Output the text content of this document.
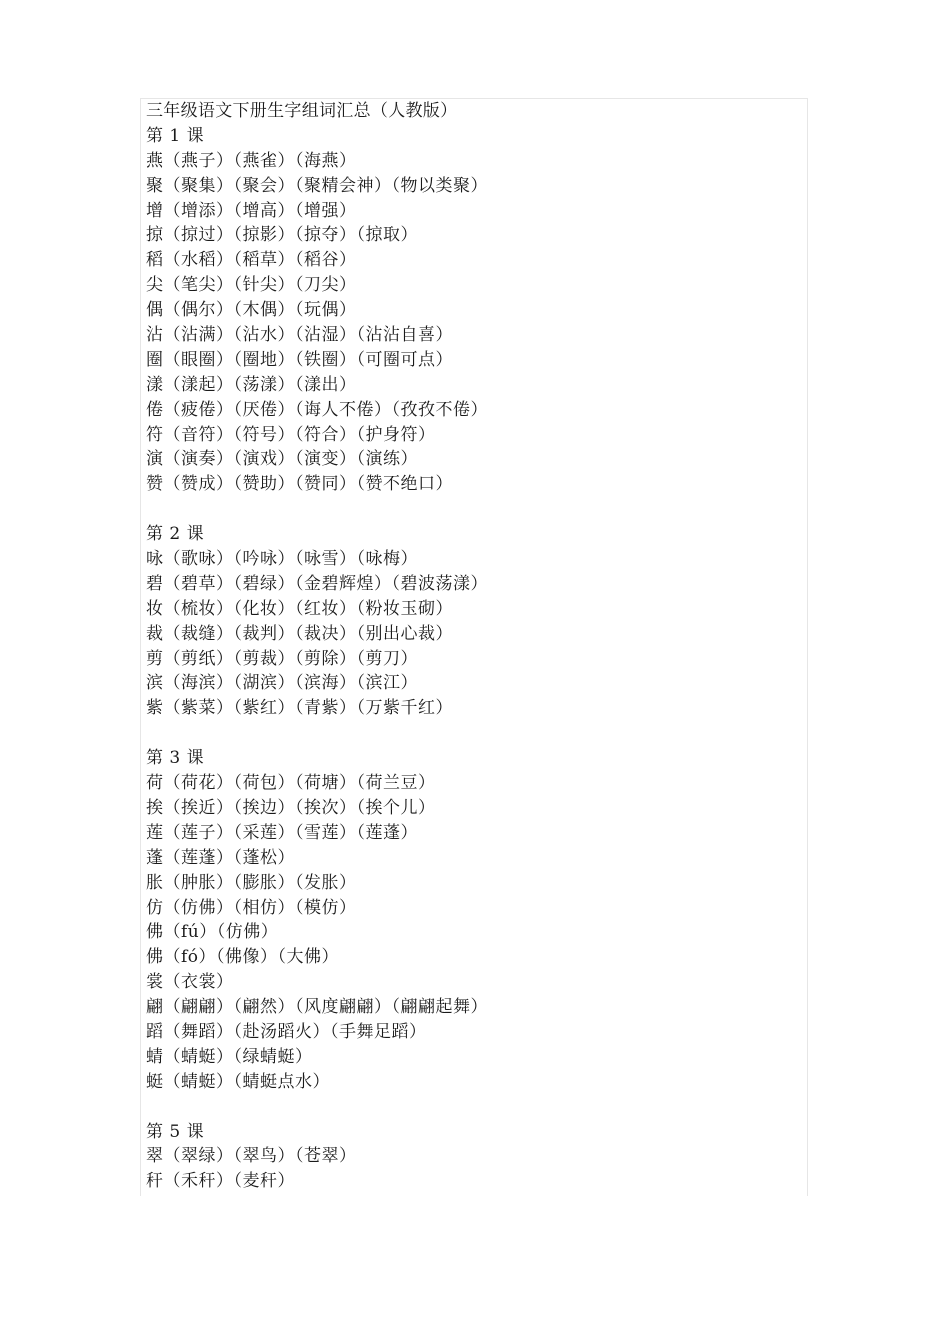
三年级语文下册生字组词汇总（人教版）
第 1 课
燕（燕子）（燕雀）（海燕）
聚（聚集）（聚会）（聚精会神）（物以类聚）
增（增添）（增高）（增强）
掠（掠过）（掠影）（掠夺）（掠取）
稻（水稻）（稻草）（稻谷）
尖（笔尖）（针尖）（刀尖）
偶（偶尔）（木偶）（玩偶）
沾（沾满）（沾水）（沾湿）（沾沾自喜）
圈（眼圈）（圈地）（铁圈）（可圈可点）
漾（漾起）（荡漾）（漾出）
倦（疲倦）（厌倦）（诲人不倦）（孜孜不倦）
符（音符）（符号）（符合）（护身符）
演（演奏）（演戏）（演变）（演练）
赞（赞成）（赞助）（赞同）（赞不绝口）
第 2 课
咏（歌咏）（吟咏）（咏雪）（咏梅）
碧（碧草）（碧绿）（金碧辉煌）（碧波荡漾）
妆（梳妆）（化妆）（红妆）（粉妆玉砌）
裁（裁缝）（裁判）（裁决）（别出心裁）
剪（剪纸）（剪裁）（剪除）（剪刀）
滨（海滨）（湖滨）（滨海）（滨江）
紫（紫菜）（紫红）（青紫）（万紫千红）
第 3 课
荷（荷花）（荷包）（荷塘）（荷兰豆）
挨（挨近）（挨边）（挨次）（挨个儿）
莲（莲子）（采莲）（雪莲）（莲蓬）
蓬（莲蓬）（蓬松）
胀（肿胀）（膨胀）（发胀）
仿（仿佛）（相仿）（模仿）
佛（fú）（仿佛）
佛（fó）（佛像）（大佛）
裳（衣裳）
翩（翩翩）（翩然）（风度翩翩）（翩翩起舞）
蹈（舞蹈）（赴汤蹈火）（手舞足蹈）
蜻（蜻蜓）（绿蜻蜓）
蜓（蜻蜓）（蜻蜓点水）
第 5 课
翠（翠绿）（翠鸟）（苍翠）
秆（禾秆）（麦秆）
